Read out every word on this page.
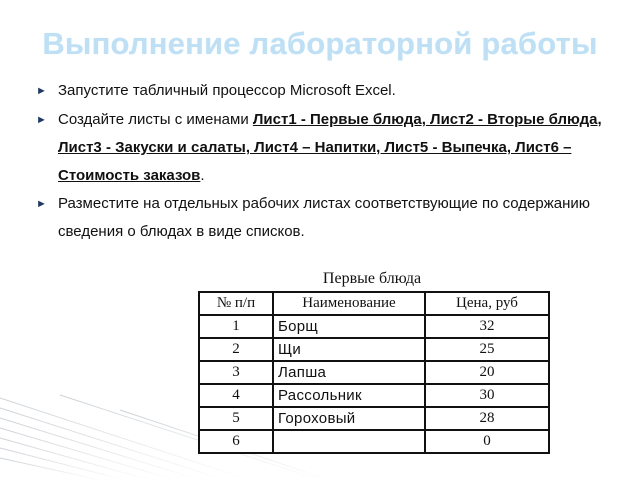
Выполнение лабораторной работы
► Запустите табличный процессор Microsoft Excel.
► Создайте листы с именами Лист1 - Первые блюда, Лист2 - Вторые блюда, Лист3 - Закуски и салаты, Лист4 – Напитки, Лист5 - Выпечка, Лист6 – Стоимость заказов.
► Разместите на отдельных рабочих листах соответствующие по содержанию сведения о блюдах в виде списков.

Первые блюда

№ п/п	Наименование	Цена, руб
1	Борщ	32
2	Щи	25
3	Лапша	20
4	Рассольник	30
5	Гороховый	28
6		0
